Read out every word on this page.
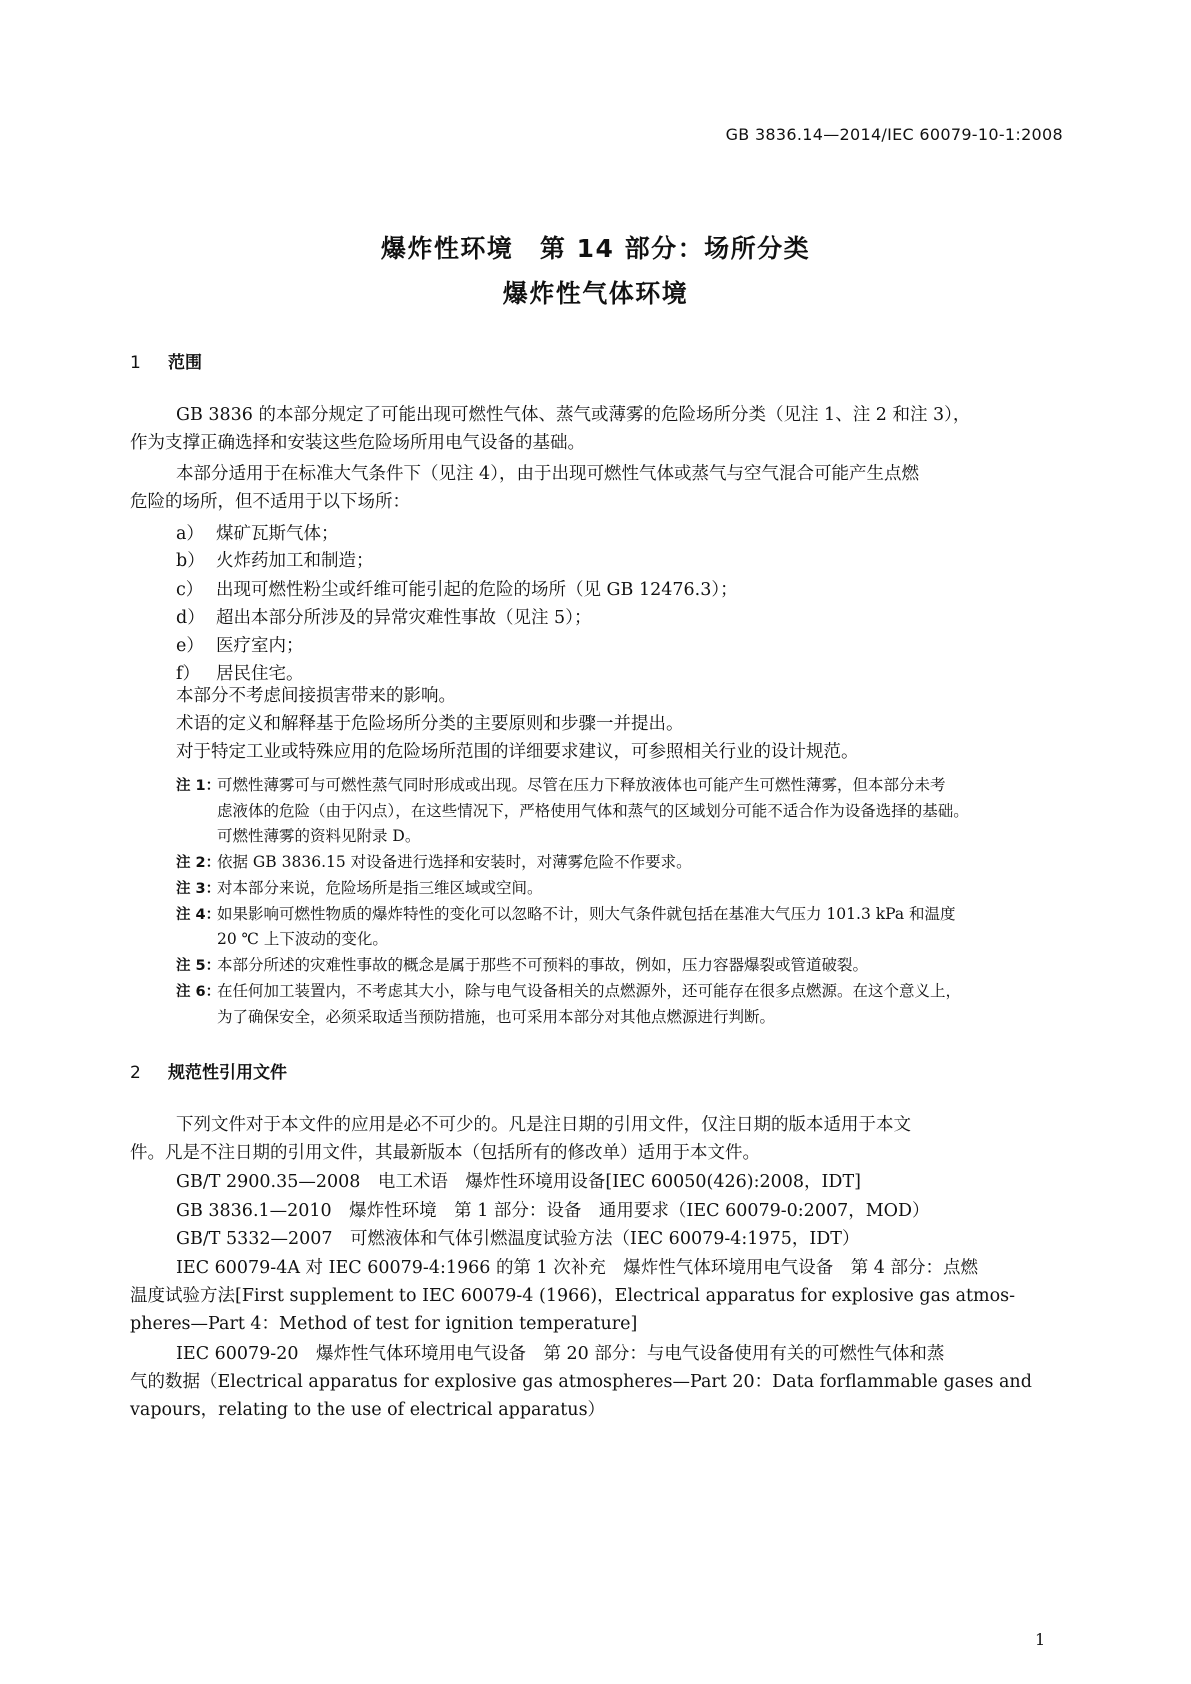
GB 3836.14—2014/IEC 60079-10-1:2008
爆炸性环境　第 14 部分：场所分类
爆炸性气体环境
1 范围
GB 3836 的本部分规定了可能出现可燃性气体、蒸气或薄雾的危险场所分类（见注 1、注 2 和注 3），
作为支撑正确选择和安装这些危险场所用电气设备的基础。
本部分适用于在标准大气条件下（见注 4），由于出现可燃性气体或蒸气与空气混合可能产生点燃
危险的场所，但不适用于以下场所：
a） 煤矿瓦斯气体；
b） 火炸药加工和制造；
c） 出现可燃性粉尘或纤维可能引起的危险的场所（见 GB 12476.3）；
d） 超出本部分所涉及的异常灾难性事故（见注 5）；
e） 医疗室内；
f） 居民住宅。
本部分不考虑间接损害带来的影响。
术语的定义和解释基于危险场所分类的主要原则和步骤一并提出。
对于特定工业或特殊应用的危险场所范围的详细要求建议，可参照相关行业的设计规范。
注 1：
可燃性薄雾可与可燃性蒸气同时形成或出现。尽管在压力下释放液体也可能产生可燃性薄雾，但本部分未考
虑液体的危险（由于闪点），在这些情况下，严格使用气体和蒸气的区域划分可能不适合作为设备选择的基础。
可燃性薄雾的资料见附录 D。
注 2：
依据 GB 3836.15 对设备进行选择和安装时，对薄雾危险不作要求。
注 3：
对本部分来说，危险场所是指三维区域或空间。
注 4：
如果影响可燃性物质的爆炸特性的变化可以忽略不计，则大气条件就包括在基准大气压力 101.3 kPa 和温度
20 ℃ 上下波动的变化。
注 5：
本部分所述的灾难性事故的概念是属于那些不可预料的事故，例如，压力容器爆裂或管道破裂。
注 6：
在任何加工装置内，不考虑其大小，除与电气设备相关的点燃源外，还可能存在很多点燃源。在这个意义上，
为了确保安全，必须采取适当预防措施，也可采用本部分对其他点燃源进行判断。
2 规范性引用文件
下列文件对于本文件的应用是必不可少的。凡是注日期的引用文件，仅注日期的版本适用于本文
件。凡是不注日期的引用文件，其最新版本（包括所有的修改单）适用于本文件。
GB/T 2900.35—2008　电工术语　爆炸性环境用设备[IEC 60050(426):2008，IDT]
GB 3836.1—2010　爆炸性环境　第 1 部分：设备　通用要求（IEC 60079-0:2007，MOD）
GB/T 5332—2007　可燃液体和气体引燃温度试验方法（IEC 60079-4:1975，IDT）
IEC 60079-4A 对 IEC 60079-4:1966 的第 1 次补充　爆炸性气体环境用电气设备　第 4 部分：点燃
温度试验方法[First supplement to IEC 60079-4 (1966)，Electrical apparatus for explosive gas atmos-
pheres—Part 4：Method of test for ignition temperature]
IEC 60079-20　爆炸性气体环境用电气设备　第 20 部分：与电气设备使用有关的可燃性气体和蒸
气的数据（Electrical apparatus for explosive gas atmospheres—Part 20：Data forflammable gases and
vapours，relating to the use of electrical apparatus）
1
